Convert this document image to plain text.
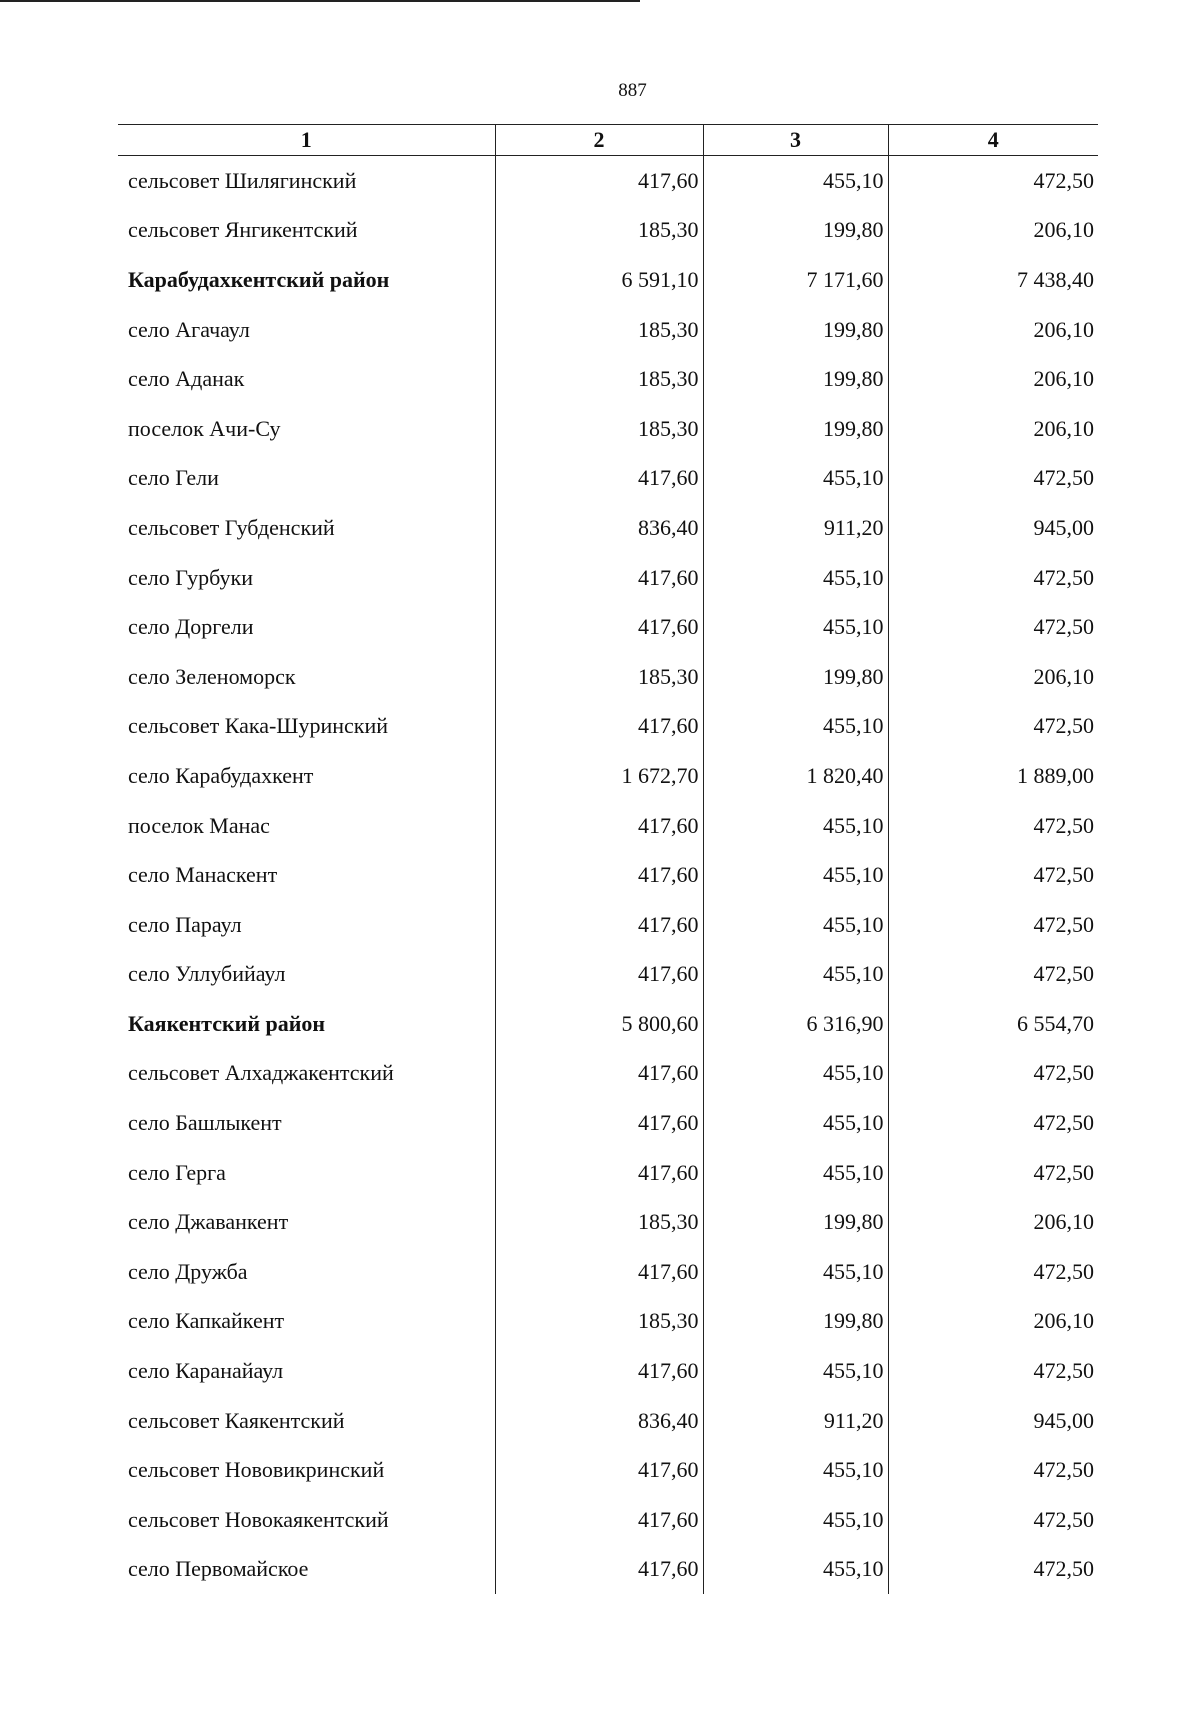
887
1	2	3	4
сельсовет Шилягинский	417,60	455,10	472,50
сельсовет Янгикентский	185,30	199,80	206,10
Карабудахкентский район	6 591,10	7 171,60	7 438,40
село Агачаул	185,30	199,80	206,10
село Аданак	185,30	199,80	206,10
поселок Ачи-Су	185,30	199,80	206,10
село Гели	417,60	455,10	472,50
сельсовет Губденский	836,40	911,20	945,00
село Гурбуки	417,60	455,10	472,50
село Доргели	417,60	455,10	472,50
село Зеленоморск	185,30	199,80	206,10
сельсовет Кака-Шуринский	417,60	455,10	472,50
село Карабудахкент	1 672,70	1 820,40	1 889,00
поселок Манас	417,60	455,10	472,50
село Манаскент	417,60	455,10	472,50
село Параул	417,60	455,10	472,50
село Уллубийаул	417,60	455,10	472,50
Каякентский район	5 800,60	6 316,90	6 554,70
сельсовет Алхаджакентский	417,60	455,10	472,50
село Башлыкент	417,60	455,10	472,50
село Герга	417,60	455,10	472,50
село Джаванкент	185,30	199,80	206,10
село Дружба	417,60	455,10	472,50
село Капкайкент	185,30	199,80	206,10
село Каранайаул	417,60	455,10	472,50
сельсовет Каякентский	836,40	911,20	945,00
сельсовет Нововикринский	417,60	455,10	472,50
сельсовет Новокаякентский	417,60	455,10	472,50
село Первомайское	417,60	455,10	472,50
